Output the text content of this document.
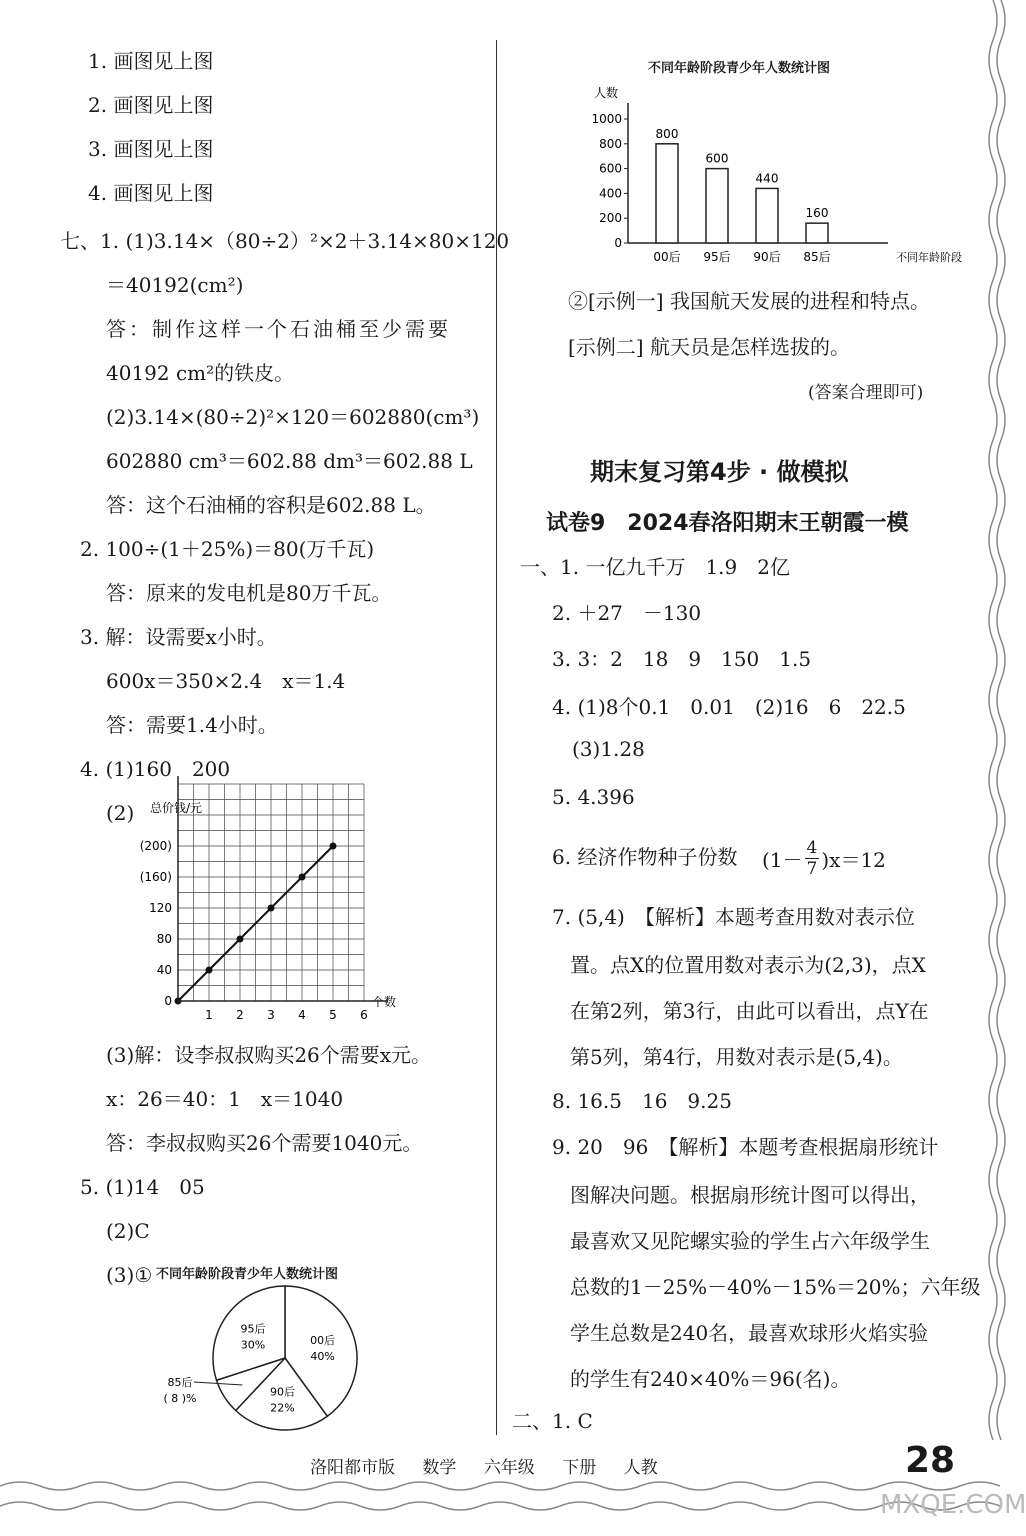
1. 画图见上图
2. 画图见上图
3. 画图见上图
4. 画图见上图
七、1. (1)3.14×（80÷2）²×2＋3.14×80×120
＝40192(cm²)
答：制作这样一个石油桶至少需要
40192 cm²的铁皮。
(2)3.14×(80÷2)²×120＝602880(cm³)
602880 cm³＝602.88 dm³＝602.88 L
答：这个石油桶的容积是602.88 L。
2. 100÷(1＋25%)＝80(万千瓦)
答：原来的发电机是80万千瓦。
3. 解：设需要x小时。
600x＝350×2.4　x＝1.4
答：需要1.4小时。
4. (1)160　200
(2) 总价钱/元
个数
0
40
80
120
(160)
(200)
1 2 3 4 5 6
(3)解：设李叔叔购买26个需要x元。
x：26＝40：1　x＝1040
答：李叔叔购买26个需要1040元。
5. (1)14　05
(2)C
(3)① 不同年龄阶段青少年人数统计图
00后
40%
90后
22%
85后
( 8 )%
95后
30%
不同年龄阶段青少年人数统计图
人数
不同年龄阶段
0
200
400
600
800
1000
800
00后
600
95后
440
90后
160
85后
②[示例一] 我国航天发展的进程和特点。
[示例二] 航天员是怎样选拔的。
(答案合理即可)
期末复习第4步 · 做模拟
试卷9　2024春洛阳期末王朝霞一模
一、1. 一亿九千万　1.9　2亿
2. ＋27　－130
3. 3：2　18　9　150　1.5
4. (1)8个0.1　0.01　(2)16　6　22.5
(3)1.28
5. 4.396
6. 经济作物种子份数 $(1- \frac{4}{7} )x=12$
7. (5,4)　【解析】本题考查用数对表示位
置。点X的位置用数对表示为(2,3)，点X
在第2列，第3行，由此可以看出，点Y在
第5列，第4行，用数对表示是(5,4)。
8. 16.5　16　9.25
9. 20　96　【解析】本题考查根据扇形统计
图解决问题。根据扇形统计图可以得出，
最喜欢又见陀螺实验的学生占六年级学生
总数的1－25%－40%－15%＝20%；六年级
学生总数是240名，最喜欢球形火焰实验
的学生有240×40%＝96(名)。
二、1. C
洛阳都市版 数学 六年级 下册 人教	28
MXQE.COM
